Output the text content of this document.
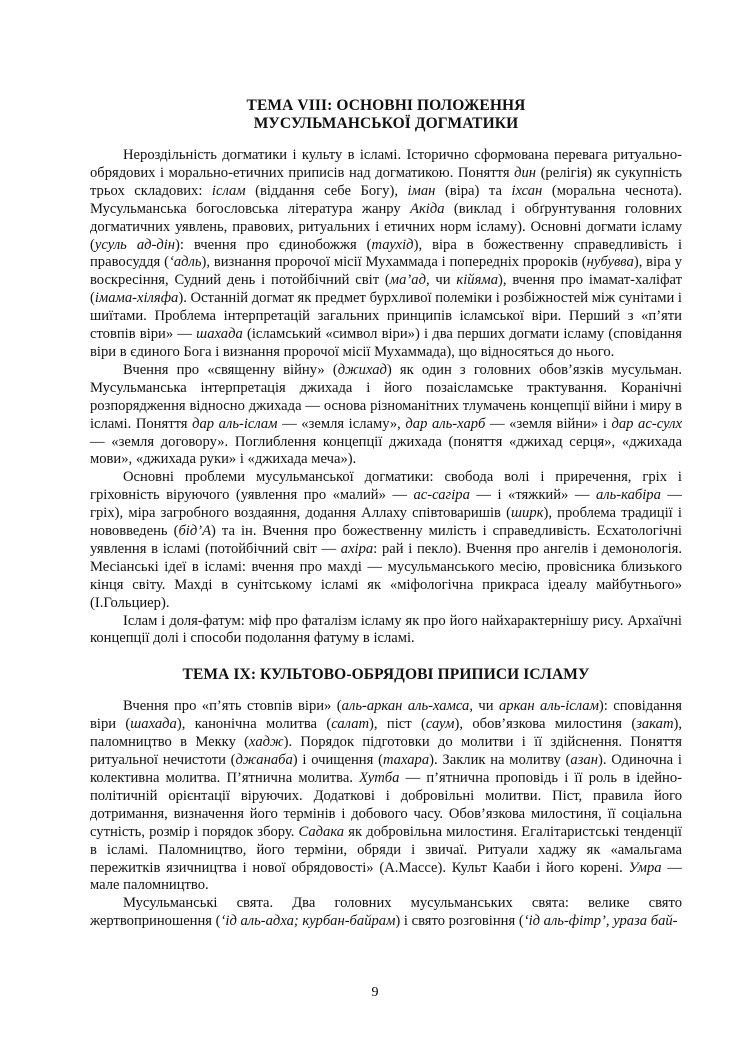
ТЕМА VIII: ОСНОВНІ ПОЛОЖЕННЯ
МУСУЛЬМАНСЬКОЇ ДОГМАТИКИ

Нероздільність догматики і культу в ісламі. Історично сформована перевага ритуально-обрядових і морально-етичних приписів над догматикою. Поняття дин (релігія) як сукупність трьох складових: іслам (віддання себе Богу), іман (віра) та іхсан (моральна чеснота). Мусульманська богословська література жанру Акіда (виклад і обґрунтування головних догматичних уявлень, правових, ритуальних і етичних норм ісламу). Основні догмати ісламу (усуль ад-дін): вчення про єдинобожжя (таухід), віра в божественну справедливість і правосуддя (‘адль), визнання пророчої місії Мухаммада і попередніх пророків (нубувва), віра у воскресіння, Судний день і потойбічний світ (ма’ад, чи кійяма), вчення про імамат-халіфат (імама-хіляфа). Останній догмат як предмет бурхливої полеміки і розбіжностей між сунітами і шиїтами. Проблема інтерпретацій загальних принципів ісламської віри. Перший з «п’яти стовпів віри» — шахада (ісламський «символ віри») і два перших догмати ісламу (сповідання віри в єдиного Бога і визнання пророчої місії Мухаммада), що відносяться до нього.

Вчення про «священну війну» (джихад) як один з головних обов’язків мусульман. Мусульманська інтерпретація джихада і його позаісламське трактування. Коранічні розпорядження відносно джихада — основа різноманітних тлумачень концепції війни і миру в ісламі. Поняття дар аль-іслам — «земля ісламу», дар аль-харб — «земля війни» і дар ас-сулх — «земля договору». Поглиблення концепції джихада (поняття «джихад серця», «джихада мови», «джихада руки» і «джихада меча»).

Основні проблеми мусульманської догматики: свобода волі і приречення, гріх і гріховність віруючого (уявлення про «малий» — ас-сагіра — і «тяжкий» — аль-кабіра — гріх), міра загробного воздаяння, додання Аллаху співтоваришів (ширк), проблема традиції і нововведень (бід’А) та ін. Вчення про божественну милість і справедливість. Есхатологічні уявлення в ісламі (потойбічний світ — ахіра: рай і пекло). Вчення про ангелів і демонологія. Месіанські ідеї в ісламі: вчення про махді — мусульманського месію, провісника близького кінця світу. Махді в сунітському ісламі як «міфологічна прикраса ідеалу майбутнього» (І.Гольциер).

Іслам і доля-фатум: міф про фаталізм ісламу як про його найхарактернішу рису. Архаїчні концепції долі і способи подолання фатуму в ісламі.

ТЕМА IX: КУЛЬТОВО-ОБРЯДОВІ ПРИПИСИ ІСЛАМУ

Вчення про «п’ять стовпів віри» (аль-аркан аль-хамса, чи аркан аль-іслам): сповідання віри (шахада), канонічна молитва (салат), піст (саум), обов’язкова милостиня (закат), паломництво в Мекку (хадж). Порядок підготовки до молитви і її здійснення. Поняття ритуальної нечистоти (джанаба) і очищення (тахара). Заклик на молитву (азан). Одиночна і колективна молитва. П’ятнична молитва. Хутба — п’ятнична проповідь і її роль в ідейно-політичній орієнтації віруючих. Додаткові і добровільні молитви. Піст, правила його дотримання, визначення його термінів і добового часу. Обов’язкова милостиня, її соціальна сутність, розмір і порядок збору. Садака як добровільна милостиня. Егалітаристські тенденції в ісламі. Паломництво, його терміни, обряди і звичаї. Ритуали хаджу як «амальгама пережитків язичництва і нової обрядовості» (А.Массе). Культ Кааби і його корені. Умра — мале паломництво.

Мусульманські свята. Два головних мусульманських свята: велике свято жертвоприношення (‘ід аль-адха; курбан-байрам) і свято розговіння (‘ід аль-фітр’, ураза бай-

9
